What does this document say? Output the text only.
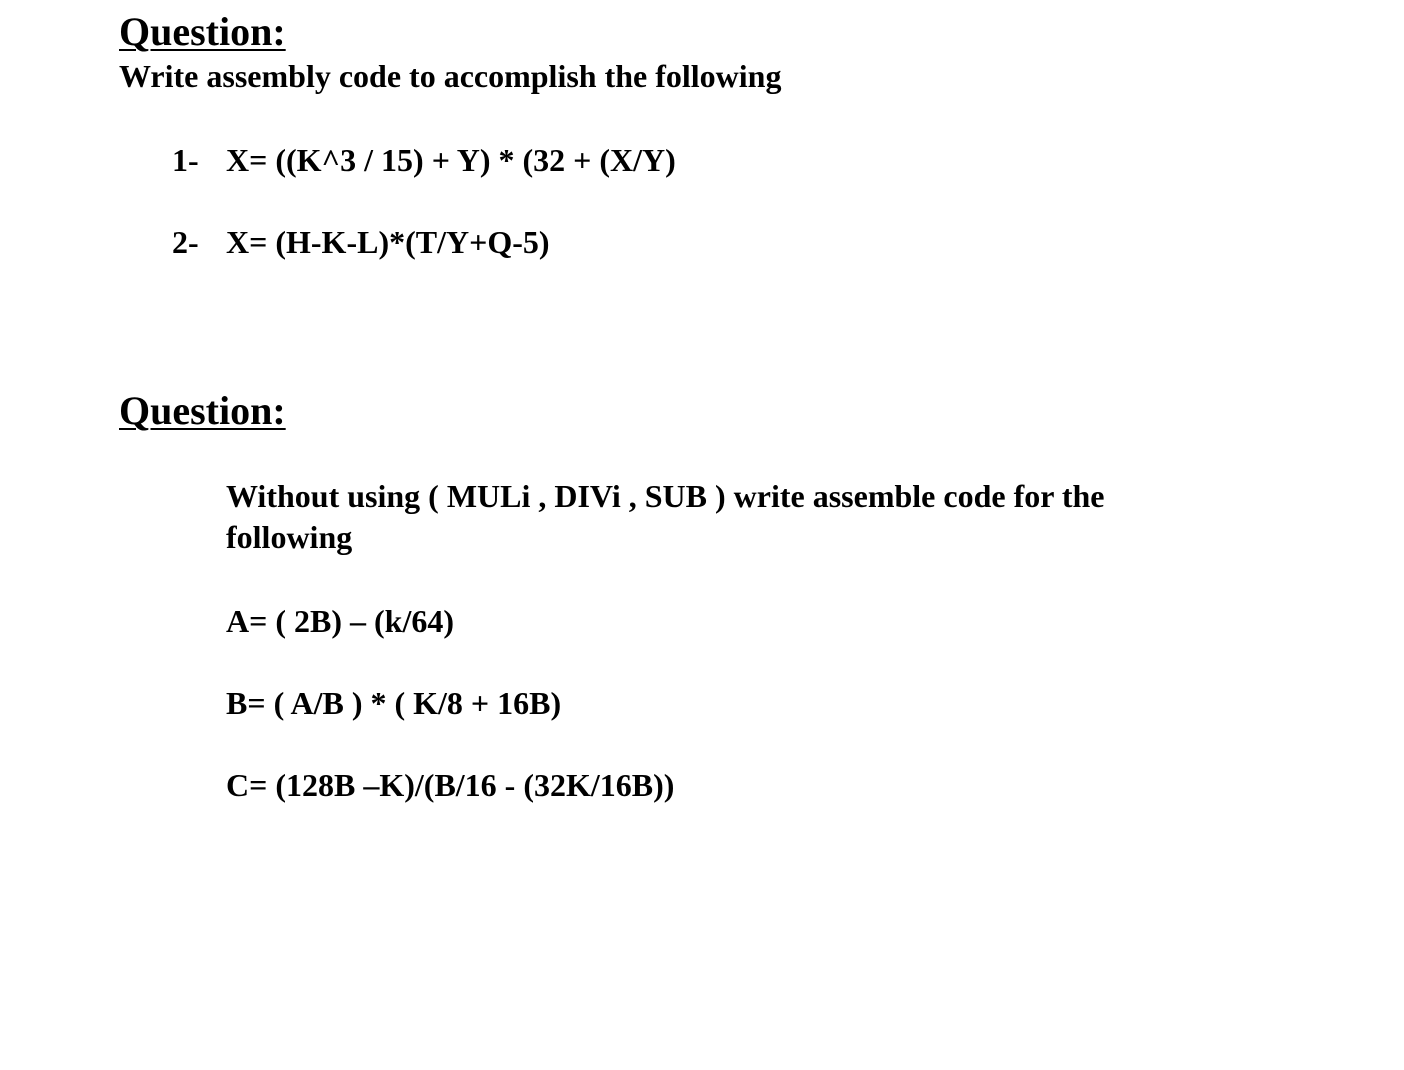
Question:
Write assembly code to accomplish the following
1- X= ((K^3 / 15) + Y) * (32 + (X/Y)
2- X= (H-K-L)*(T/Y+Q-5)
Question:
Without using ( MULi , DIVi , SUB ) write assemble code for the
following
A= ( 2B) – (k/64)
B= ( A/B ) * ( K/8 + 16B)
C= (128B –K)/(B/16 - (32K/16B))
